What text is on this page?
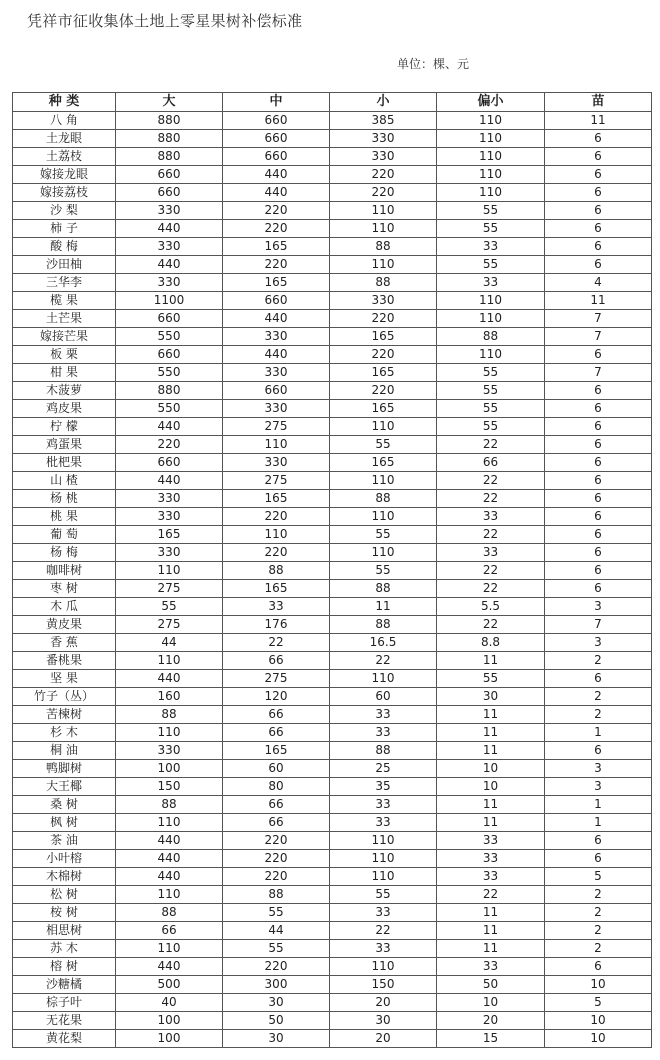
凭祥市征收集体土地上零星果树补偿标准
单位：棵、元
种 类	大	中	小	偏小	苗
八 角	880	660	385	110	11
土龙眼	880	660	330	110	6
土荔枝	880	660	330	110	6
嫁接龙眼	660	440	220	110	6
嫁接荔枝	660	440	220	110	6
沙 梨	330	220	110	55	6
柿 子	440	220	110	55	6
酸 梅	330	165	88	33	6
沙田柚	440	220	110	55	6
三华李	330	165	88	33	4
榄 果	1100	660	330	110	11
土芒果	660	440	220	110	7
嫁接芒果	550	330	165	88	7
板 栗	660	440	220	110	6
柑 果	550	330	165	55	7
木菠萝	880	660	220	55	6
鸡皮果	550	330	165	55	6
柠 檬	440	275	110	55	6
鸡蛋果	220	110	55	22	6
枇杷果	660	330	165	66	6
山 楂	440	275	110	22	6
杨 桃	330	165	88	22	6
桃 果	330	220	110	33	6
葡 萄	165	110	55	22	6
杨 梅	330	220	110	33	6
咖啡树	110	88	55	22	6
枣 树	275	165	88	22	6
木 瓜	55	33	11	5.5	3
黄皮果	275	176	88	22	7
香 蕉	44	22	16.5	8.8	3
番桃果	110	66	22	11	2
坚 果	440	275	110	55	6
竹子（丛）	160	120	60	30	2
苦楝树	88	66	33	11	2
杉 木	110	66	33	11	1
桐 油	330	165	88	11	6
鸭脚树	100	60	25	10	3
大王椰	150	80	35	10	3
桑 树	88	66	33	11	1
枫 树	110	66	33	11	1
茶 油	440	220	110	33	6
小叶榕	440	220	110	33	6
木棉树	440	220	110	33	5
松 树	110	88	55	22	2
桉 树	88	55	33	11	2
相思树	66	44	22	11	2
苏 木	110	55	33	11	2
榕 树	440	220	110	33	6
沙糖橘	500	300	150	50	10
棕子叶	40	30	20	10	5
无花果	100	50	30	20	10
黄花梨	100	30	20	15	10
